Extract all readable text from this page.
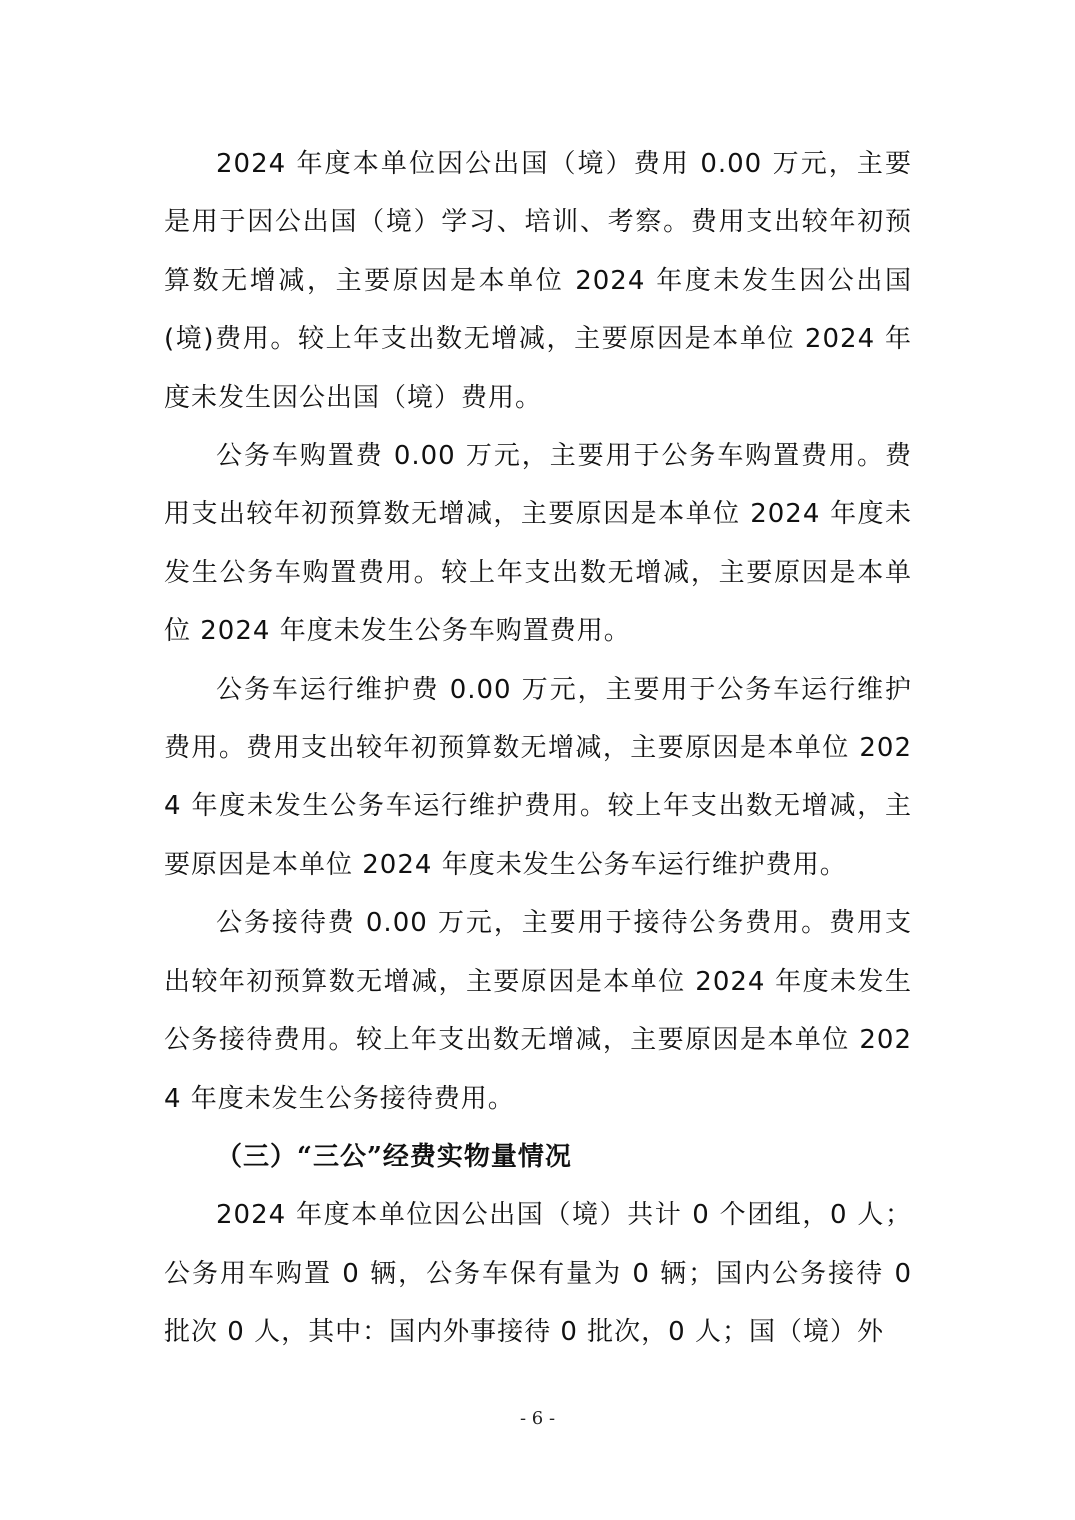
2024 年度本单位因公出国（境）费用 0.00 万元，主要是用于因公出国（境）学习、培训、考察。费用支出较年初预算数无增减，主要原因是本单位 2024 年度未发生因公出国(境)费用。较上年支出数无增减，主要原因是本单位 2024 年度未发生因公出国（境）费用。

公务车购置费 0.00 万元，主要用于公务车购置费用。费用支出较年初预算数无增减，主要原因是本单位 2024 年度未发生公务车购置费用。较上年支出数无增减，主要原因是本单位 2024 年度未发生公务车购置费用。

公务车运行维护费 0.00 万元，主要用于公务车运行维护费用。费用支出较年初预算数无增减，主要原因是本单位 2024 年度未发生公务车运行维护费用。较上年支出数无增减，主要原因是本单位 2024 年度未发生公务车运行维护费用。

公务接待费 0.00 万元，主要用于接待公务费用。费用支出较年初预算数无增减，主要原因是本单位 2024 年度未发生公务接待费用。较上年支出数无增减，主要原因是本单位 2024 年度未发生公务接待费用。

（三）“三公”经费实物量情况

2024 年度本单位因公出国（境）共计 0 个团组，0 人；公务用车购置 0 辆，公务车保有量为 0 辆；国内公务接待 0 批次 0 人，其中：国内外事接待 0 批次，0 人；国（境）外

- 6 -
